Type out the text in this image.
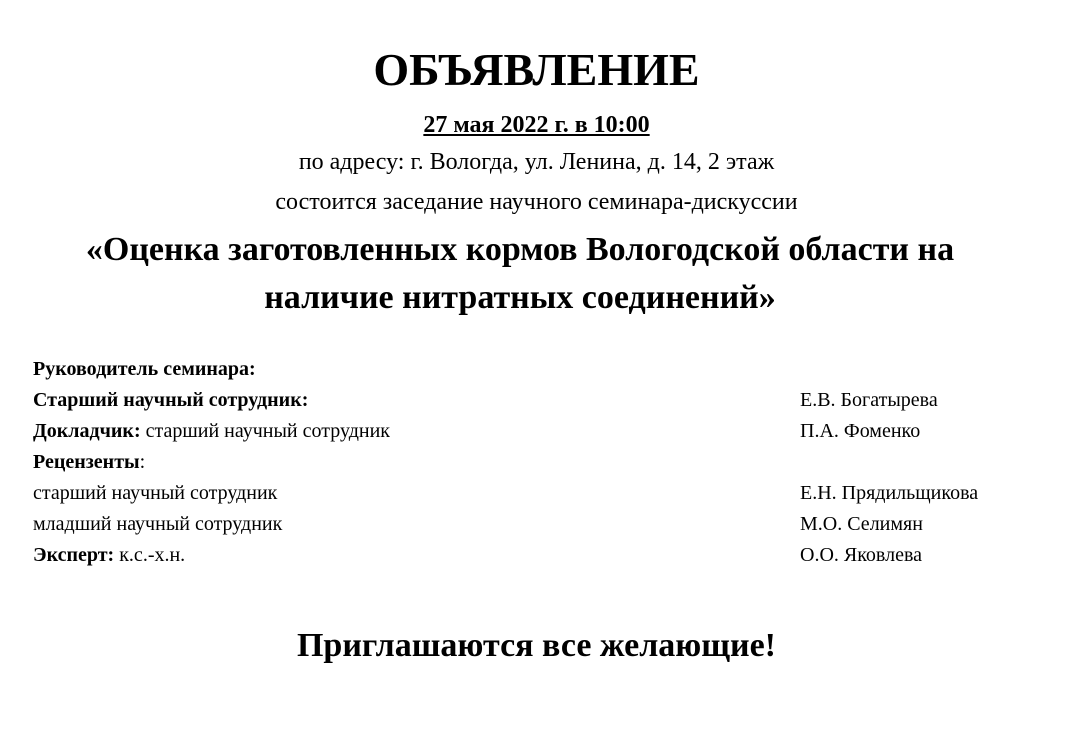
ОБЪЯВЛЕНИЕ
27 мая 2022 г. в 10:00
по адресу: г. Вологда, ул. Ленина, д. 14, 2 этаж
состоится заседание научного семинара-дискуссии
«Оценка заготовленных кормов Вологодской области на
наличие нитратных соединений»
Руководитель семинара:
Старший научный сотрудник:	Е.В. Богатырева
Докладчик: старший научный сотрудник	П.А. Фоменко
Рецензенты:
старший научный сотрудник	Е.Н. Прядильщикова
младший научный сотрудник	М.О. Селимян
Эксперт: к.с.-х.н.	О.О. Яковлева
Приглашаются все желающие!
